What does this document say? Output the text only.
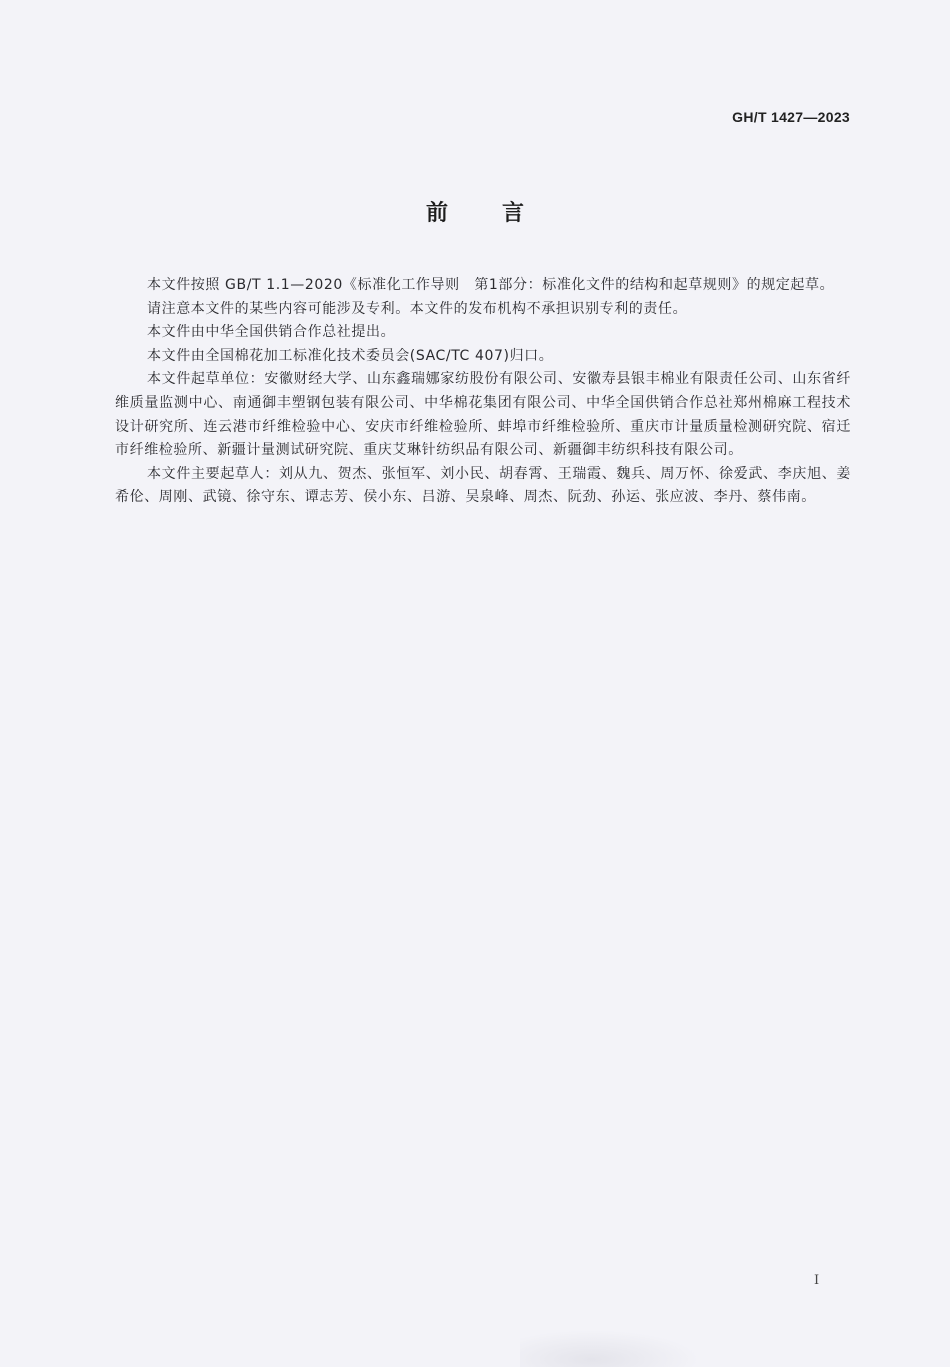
GH/T 1427—2023
前言

本文件按照 GB/T 1.1—2020《标准化工作导则　第1部分：标准化文件的结构和起草规则》的规定起草。

请注意本文件的某些内容可能涉及专利。本文件的发布机构不承担识别专利的责任。

本文件由中华全国供销合作总社提出。

本文件由全国棉花加工标准化技术委员会(SAC/TC 407)归口。

本文件起草单位：安徽财经大学、山东鑫瑞娜家纺股份有限公司、安徽寿县银丰棉业有限责任公司、山东省纤维质量监测中心、南通御丰塑钢包装有限公司、中华棉花集团有限公司、中华全国供销合作总社郑州棉麻工程技术设计研究所、连云港市纤维检验中心、安庆市纤维检验所、蚌埠市纤维检验所、重庆市计量质量检测研究院、宿迁市纤维检验所、新疆计量测试研究院、重庆艾琳针纺织品有限公司、新疆御丰纺织科技有限公司。

本文件主要起草人：刘从九、贺杰、张恒军、刘小民、胡春霄、王瑞霞、魏兵、周万怀、徐爱武、李庆旭、姜希伦、周刚、武镜、徐守东、谭志芳、侯小东、吕游、吴泉峰、周杰、阮劲、孙运、张应波、李丹、蔡伟南。

I
